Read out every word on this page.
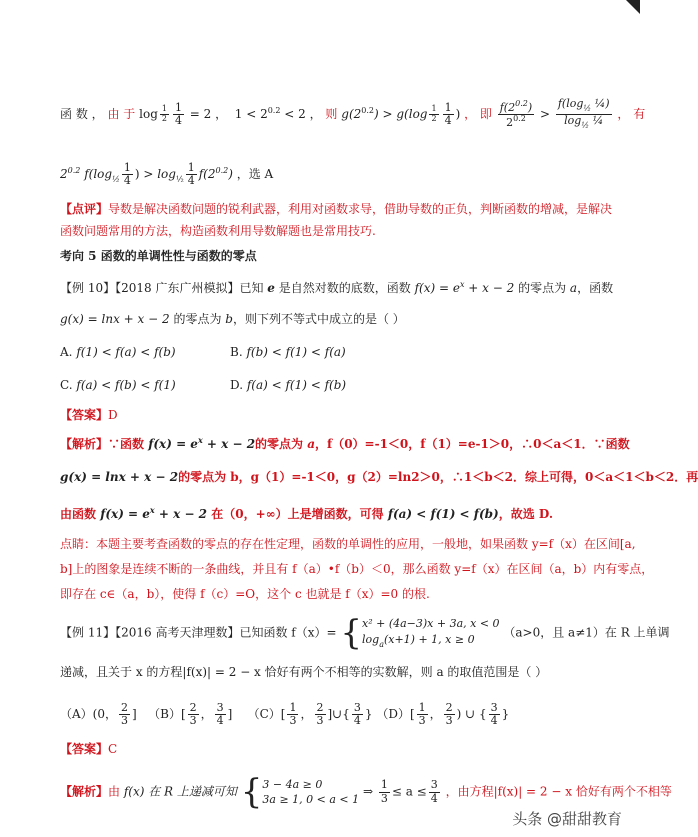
函 数 ， 由 于 $\log \frac{1}{2} \frac{1}{4} = 2$ ， $1 < 2^{0.2} < 2$ ， 则 $g(2^{0.2}) > g(\log \frac{1}{2} \frac{1}{4}$ ) ， 即 $\frac{f(2^{0.2})}{2^{0.2}} > \frac{f(\log_{\frac{1}{2}} \frac{1}{4})}{\log_{\frac{1}{2}} \frac{1}{4}}$ ， 有
$2^{0.2}$ $f(\log_{\frac{1}{2}} \frac{1}{4}$ ) > $\log_{\frac{1}{2}} \frac{1}{4} f(2^{0.2})$ ，选 A
【点评】导数是解决函数问题的锐利武器，利用对函数求导，借助导数的正负，判断函数的增减，是解决
函数问题常用的方法，构造函数利用导数解题也是常用技巧.
考向 5 函数的单调性性与函数的零点
【例 10】【2018 广东广州模拟】已知 e 是自然对数的底数，函数 $f(x) = e^x + x - 2$ 的零点为 a，函数
g(x) = lnx + x − 2 的零点为 b，则下列不等式中成立的是（ ）
A. f(1) < f(a) < f(b)	B. f(b) < f(1) < f(a)
C. f(a) < f(b) < f(1)	D. f(a) < f(1) < f(b)
【答案】D
【解析】∵函数 $f(x) = e^x + x - 2$的零点为 a，f（0）=-1＜0，f（1）=e-1＞0，∴0＜a＜1．∵函数
g(x) = lnx + x − 2的零点为 b，g（1）=-1＜0，g（2）=ln2＞0，∴1＜b＜2．综上可得，0＜a＜1＜b＜2．再
由函数 $f(x) = e^x + x - 2$ 在（0，+∞）上是增函数，可得 f(a) < f(1) < f(b)，故选 D.
点睛：本题主要考查函数的零点的存在性定理，函数的单调性的应用，一般地，如果函数 y=f（x）在区间[a,
b]上的图象是连续不断的一条曲线，并且有 f（a）•f（b）＜0，那么函数 y=f（x）在区间（a，b）内有零点，
即存在 c∈（a，b），使得 f（c）=O，这个 c 也就是 f（x）=0 的根.
【例 11】【2016 高考天津理数】已知函数 f（x）= { x² + (4a−3)x + 3a, x < 0
$\log_a(x+1) + 1$, x ≥ 0	（a>0，且 a≠1）在 R 上单调
递减，且关于 x 的方程|f(x)| = 2 − x 恰好有两个不相等的实数解，则 a 的取值范围是（ ）
（A）(0， $\frac{2}{3}$ ] $(B)[ \frac{2}{3}$ ， $\frac{3}{4}$ ] $(C)[ \frac{1}{3}$ ， $\frac{2}{3}$ ]∪{ $\frac{3}{4}$ } $(D)[ \frac{1}{3}$ ， $\frac{2}{3}$ ) ∪ { $\frac{3}{4}$ }
【答案】C
【解析】由 f(x) 在 R 上递减可知 { 3 − 4a ≥ 0
3a ≥ 1, 0 < a < 1
⇒ $\frac{1}{3} \le a \le \frac{3}{4}$ ，由方程|f(x)| = 2 − x 恰好有两个不相等
头条 @甜甜教育
